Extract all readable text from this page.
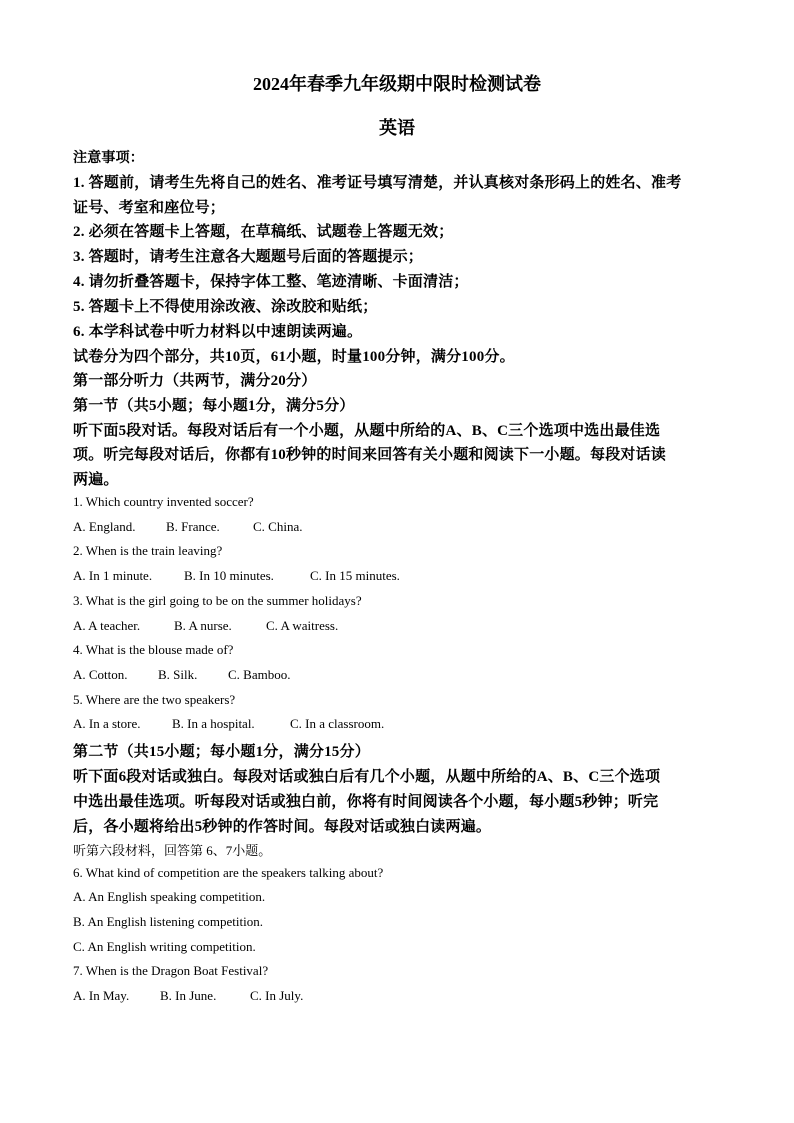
2024年春季九年级期中限时检测试卷
英语
注意事项：
1. 答题前，请考生先将自己的姓名、准考证号填写清楚，并认真核对条形码上的姓名、准考
证号、考室和座位号；
2. 必须在答题卡上答题，在草稿纸、试题卷上答题无效；
3. 答题时，请考生注意各大题题号后面的答题提示；
4. 请勿折叠答题卡，保持字体工整、笔迹清晰、卡面清洁；
5. 答题卡上不得使用涂改液、涂改胶和贴纸；
6. 本学科试卷中听力材料以中速朗读两遍。
试卷分为四个部分，共10页，61小题，时量100分钟，满分100分。
第一部分听力（共两节，满分20分）
第一节（共5小题；每小题1分，满分5分）
听下面5段对话。每段对话后有一个小题，从题中所给的A、B、C三个选项中选出最佳选
项。听完每段对话后，你都有10秒钟的时间来回答有关小题和阅读下一小题。每段对话读
两遍。
1. Which country invented soccer?
A. England. B. France.	C. China.
2. When is the train leaving?
A. In 1 minute. B. In 10 minutes.	C. In 15 minutes.
3. What is the girl going to be on the summer holidays?
A. A teacher.	B. A nurse.	C. A waitress.
4. What is the blouse made of?
A. Cotton. B. Silk. C. Bamboo.
5. Where are the two speakers?
A. In a store. B. In a hospital.	C. In a classroom.
第二节（共15小题；每小题1分，满分15分）
听下面6段对话或独白。每段对话或独白后有几个小题，从题中所给的A、B、C三个选项
中选出最佳选项。听每段对话或独白前，你将有时间阅读各个小题，每小题5秒钟；听完
后，各小题将给出5秒钟的作答时间。每段对话或独白读两遍。
听第六段材料，回答第 6、7小题。
6. What kind of competition are the speakers talking about?
A. An English speaking competition.
B. An English listening competition.
C. An English writing competition.
7. When is the Dragon Boat Festival?
A. In May. B. In June.	C. In July.
